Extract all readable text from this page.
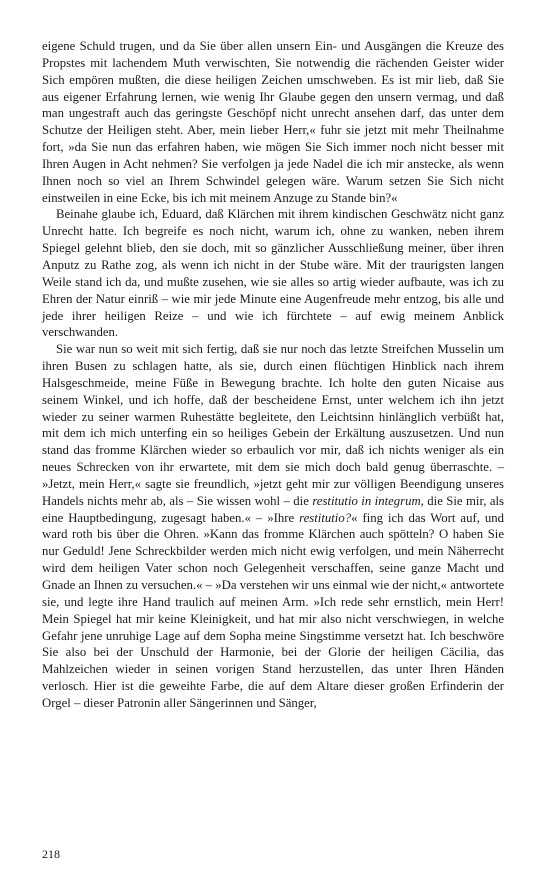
eigene Schuld trugen, und da Sie über allen unsern Ein- und Ausgängen die Kreuze des Propstes mit lachendem Muth verwischten, Sie notwendig die rächenden Geister wider Sich empören mußten, die diese heiligen Zeichen umschweben. Es ist mir lieb, daß Sie aus eigener Erfahrung lernen, wie wenig Ihr Glaube gegen den unsern vermag, und daß man ungestraft auch das geringste Geschöpf nicht unrecht ansehen darf, das unter dem Schutze der Heiligen steht. Aber, mein lieber Herr,« fuhr sie jetzt mit mehr Theilnahme fort, »da Sie nun das erfahren haben, wie mögen Sie Sich immer noch nicht besser mit Ihren Augen in Acht nehmen? Sie verfolgen ja jede Nadel die ich mir anstecke, als wenn Ihnen noch so viel an Ihrem Schwindel gelegen wäre. Warum setzen Sie Sich nicht einstweilen in eine Ecke, bis ich mit meinem Anzuge zu Stande bin?«

Beinahe glaube ich, Eduard, daß Klärchen mit ihrem kindischen Geschwätz nicht ganz Unrecht hatte. Ich begreife es noch nicht, warum ich, ohne zu wanken, neben ihrem Spiegel gelehnt blieb, den sie doch, mit so gänzlicher Ausschließung meiner, über ihren Anputz zu Rathe zog, als wenn ich nicht in der Stube wäre. Mit der traurigsten langen Weile stand ich da, und mußte zusehen, wie sie alles so artig wieder aufbaute, was ich zu Ehren der Natur einriß – wie mir jede Minute eine Augenfreude mehr entzog, bis alle und jede ihrer heiligen Reize – und wie ich fürchtete – auf ewig meinem Anblick verschwanden.

Sie war nun so weit mit sich fertig, daß sie nur noch das letzte Streifchen Musselin um ihren Busen zu schlagen hatte, als sie, durch einen flüchtigen Hinblick nach ihrem Halsgeschmeide, meine Füße in Bewegung brachte. Ich holte den guten Nicaise aus seinem Winkel, und ich hoffe, daß der bescheidene Ernst, unter welchem ich ihn jetzt wieder zu seiner warmen Ruhestätte begleitete, den Leichtsinn hinlänglich verbüßt hat, mit dem ich mich unterfing ein so heiliges Gebein der Erkältung auszusetzen. Und nun stand das fromme Klärchen wieder so erbaulich vor mir, daß ich nichts weniger als ein neues Schrecken von ihr erwartete, mit dem sie mich doch bald genug überraschte. – »Jetzt, mein Herr,« sagte sie freundlich, »jetzt geht mir zur völligen Beendigung unseres Handels nichts mehr ab, als – Sie wissen wohl – die restitutio in integrum, die Sie mir, als eine Hauptbedingung, zugesagt haben.« – »Ihre restitutio?« fing ich das Wort auf, und ward roth bis über die Ohren. »Kann das fromme Klärchen auch spötteln? O haben Sie nur Geduld! Jene Schreckbilder werden mich nicht ewig verfolgen, und mein Näherrecht wird dem heiligen Vater schon noch Gelegenheit verschaffen, seine ganze Macht und Gnade an Ihnen zu versuchen.« – »Da verstehen wir uns einmal wie der nicht,« antwortete sie, und legte ihre Hand traulich auf meinen Arm. »Ich rede sehr ernstlich, mein Herr! Mein Spiegel hat mir keine Kleinigkeit, und hat mir also nicht verschwiegen, in welche Gefahr jene unruhige Lage auf dem Sopha meine Singstimme versetzt hat. Ich beschwöre Sie also bei der Unschuld der Harmonie, bei der Glorie der heiligen Cäcilia, das Mahlzeichen wieder in seinen vorigen Stand herzustellen, das unter Ihren Händen verlosch. Hier ist die geweihte Farbe, die auf dem Altare dieser großen Erfinderin der Orgel – dieser Patronin aller Sängerinnen und Sänger,

218
